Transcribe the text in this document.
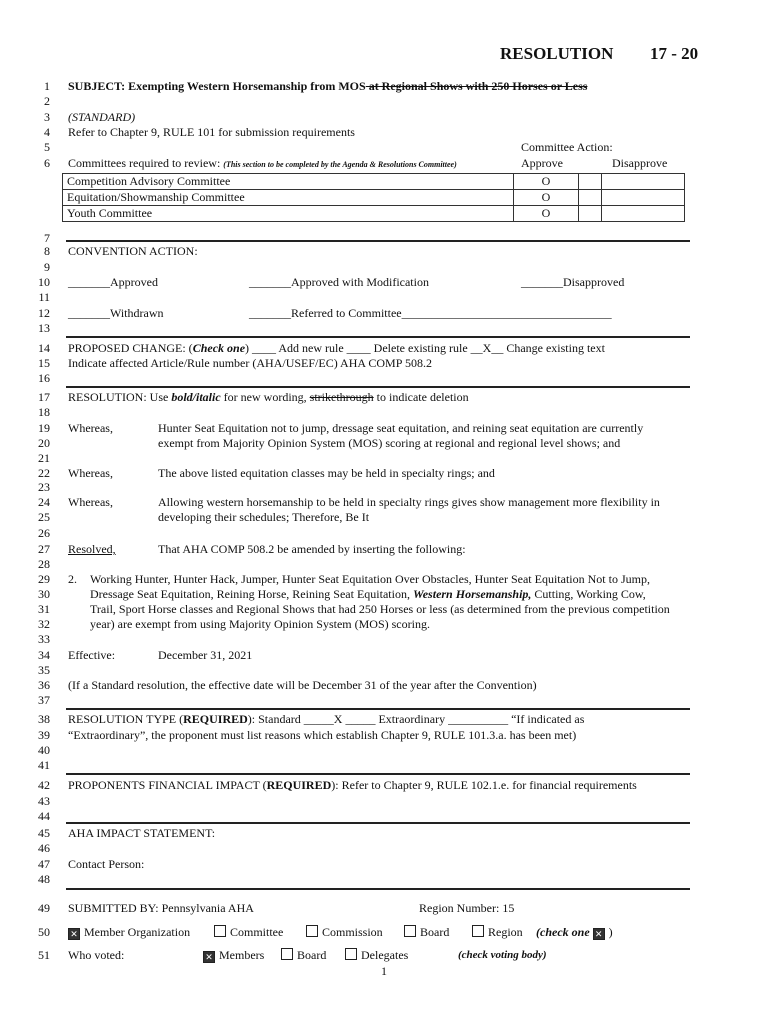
RESOLUTION 17 - 20
1
2
3
4
5
6
7
8
9
10
11
12
13
14
15
16
17
18
19
20
21
22
23
24
25
26
27
28
29
30
31
32
33
34
35
36
37
38
39
40
41
42
43
44
45
46
47
48
49
50
51
SUBJECT: Exempting Western Horsemanship from MOS at Regional Shows with 250 Horses or Less
(STANDARD)
Refer to Chapter 9, RULE 101 for submission requirements
Committee Action:
Committees required to review: (This section to be completed by the Agenda & Resolutions Committee)	Approve	Disapprove
Competition Advisory Committee	O		
Equitation/Showmanship Committee	O		
Youth Committee	O		
CONVENTION ACTION:
_______Approved	_______Approved with Modification	_______Disapproved
_______Withdrawn	_______Referred to Committee___________________________________
PROPOSED CHANGE: (Check one) ____ Add new rule ____ Delete existing rule __X__ Change existing text
Indicate affected Article/Rule number (AHA/USEF/EC) AHA COMP 508.2
RESOLUTION: Use bold/italic for new wording, strikethrough to indicate deletion
Whereas,	Hunter Seat Equitation not to jump, dressage seat equitation, and reining seat equitation are currently
exempt from Majority Opinion System (MOS) scoring at regional and regional level shows; and
Whereas,	The above listed equitation classes may be held in specialty rings; and
Whereas,	Allowing western horsemanship to be held in specialty rings gives show management more flexibility in
developing their schedules; Therefore, Be It
Resolved,	That AHA COMP 508.2 be amended by inserting the following:
2. Working Hunter, Hunter Hack, Jumper, Hunter Seat Equitation Over Obstacles, Hunter Seat Equitation Not to Jump,
Dressage Seat Equitation, Reining Horse, Reining Seat Equitation, Western Horsemanship, Cutting, Working Cow,
Trail, Sport Horse classes and Regional Shows that had 250 Horses or less (as determined from the previous competition
year) are exempt from using Majority Opinion System (MOS) scoring.
Effective:	December 31, 2021
(If a Standard resolution, the effective date will be December 31 of the year after the Convention)
RESOLUTION TYPE (REQUIRED): Standard _____X _____ Extraordinary __________ “If indicated as
“Extraordinary”, the proponent must list reasons which establish Chapter 9, RULE 101.3.a. has been met)
PROPONENTS FINANCIAL IMPACT (REQUIRED): Refer to Chapter 9, RULE 102.1.e. for financial requirements
AHA IMPACT STATEMENT:
Contact Person:
SUBMITTED BY: Pennsylvania AHA	Region Number: 15
✕ Member Organization	Committee	Commission	Board	Region (check one ✕ )
Who voted:	✕ Members	Board	Delegates	(check voting body)
1
